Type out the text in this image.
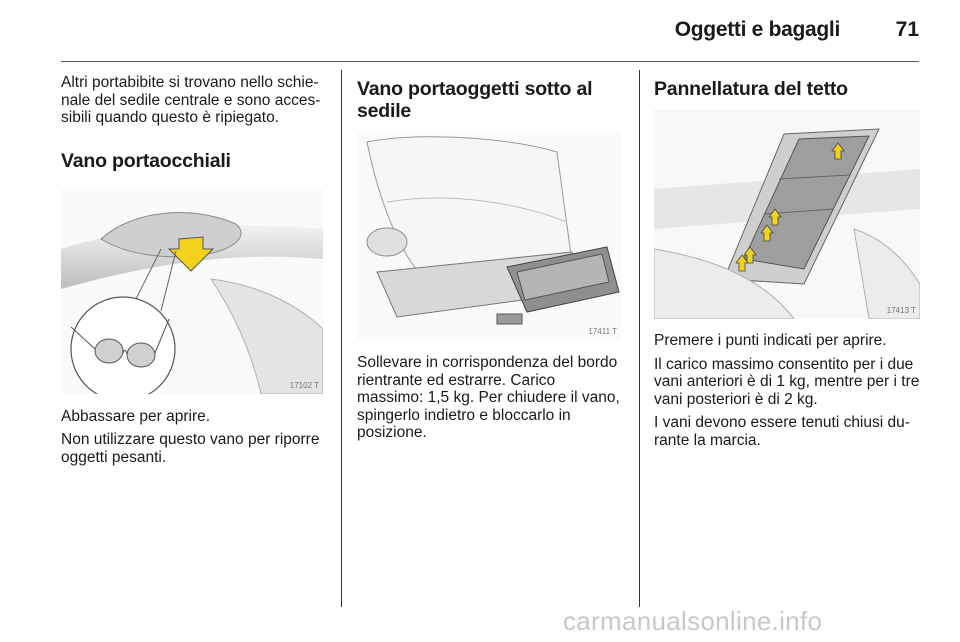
Oggetti e bagagli	71

Altri portabibite si trovano nello schie-nale del sedile centrale e sono acces-sibili quando questo è ripiegato.

Vano portaocchiali
17102 T

Abbassare per aprire.

Non utilizzare questo vano per riporre oggetti pesanti.

Vano portaoggetti sotto al sedile
17411 T

Sollevare in corrispondenza del bordo rientrante ed estrarre. Carico massimo: 1,5 kg. Per chiudere il vano, spingerlo indietro e bloccarlo in posizione.

Pannellatura del tetto
17413 T

Premere i punti indicati per aprire.

Il carico massimo consentito per i due vani anteriori è di 1 kg, mentre per i tre vani posteriori è di 2 kg.

I vani devono essere tenuti chiusi du-rante la marcia.

carmanualsonline.info
